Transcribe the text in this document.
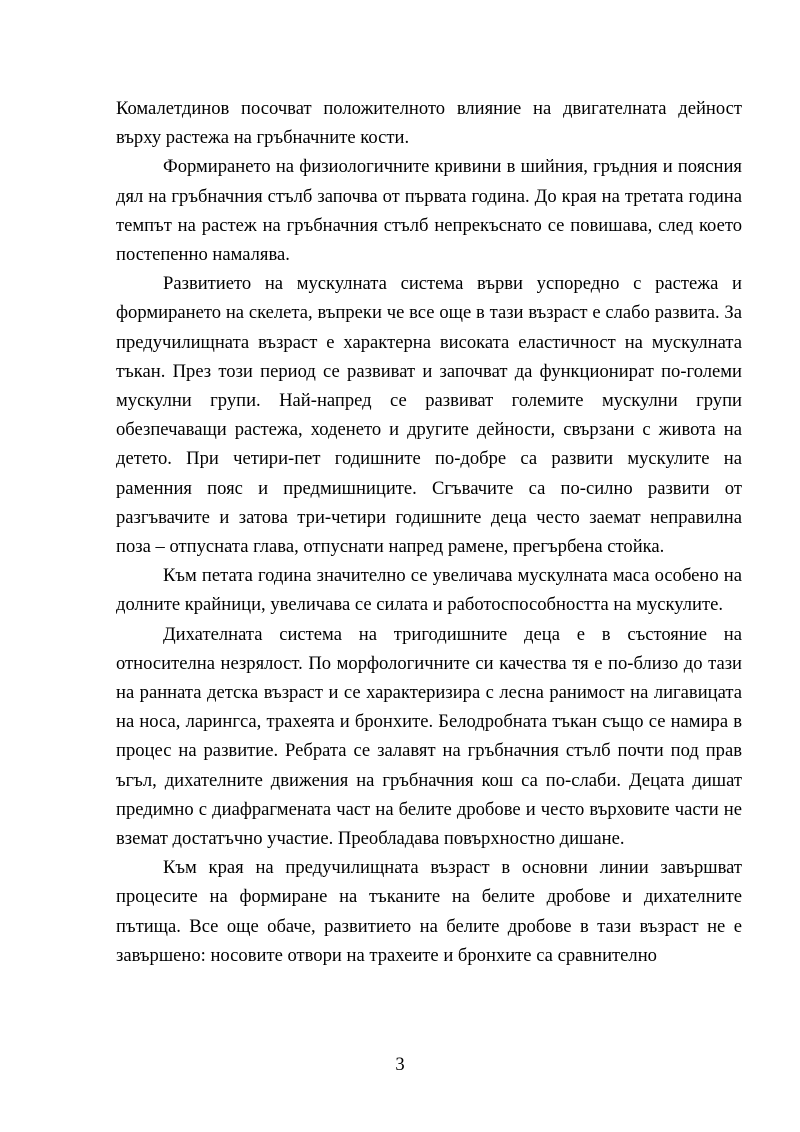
Комалетдинов посочват положителното влияние на двигателната дейност върху растежа на гръбначните кости.

Формирането на физиологичните кривини в шийния, гръдния и поясния дял на гръбначния стълб започва от първата година. До края на третата година темпът на растеж на гръбначния стълб непрекъснато се повишава, след което постепенно намалява.

Развитието на мускулната система върви успоредно с растежа и формирането на скелета, въпреки че все още в тази възраст е слабо развита. За предучилищната възраст е характерна високата еластичност на мускулната тъкан. През този период се развиват и започват да функционират по-големи мускулни групи. Най-напред се развиват големите мускулни групи обезпечаващи растежа, ходенето и другите дейности, свързани с живота на детето. При четири-пет годишните по-добре са развити мускулите на раменния пояс и предмишниците. Сгъвачите са по-силно развити от разгъвачите и затова три-четири годишните деца често заемат неправилна поза – отпусната глава, отпуснати напред рамене, прегърбена стойка.

Към петата година значително се увеличава мускулната маса особено на долните крайници, увеличава се силата и работоспособността на мускулите.

Дихателната система на тригодишните деца е в състояние на относителна незрялост. По морфологичните си качества тя е по-близо до тази на ранната детска възраст и се характеризира с лесна ранимост на лигавицата на носа, ларингса, трахеята и бронхите. Белодробната тъкан също се намира в процес на развитие. Ребрата се залавят на гръбначния стълб почти под прав ъгъл, дихателните движения на гръбначния кош са по-слаби. Децата дишат предимно с диафрагмената част на белите дробове и често върховите части не вземат достатъчно участие. Преобладава повърхностно дишане.

Към края на предучилищната възраст в основни линии завършват процесите на формиране на тъканите на белите дробове и дихателните пътища. Все още обаче, развитието на белите дробове в тази възраст не е завършено: носовите отвори на трахеите и бронхите са сравнително

3
